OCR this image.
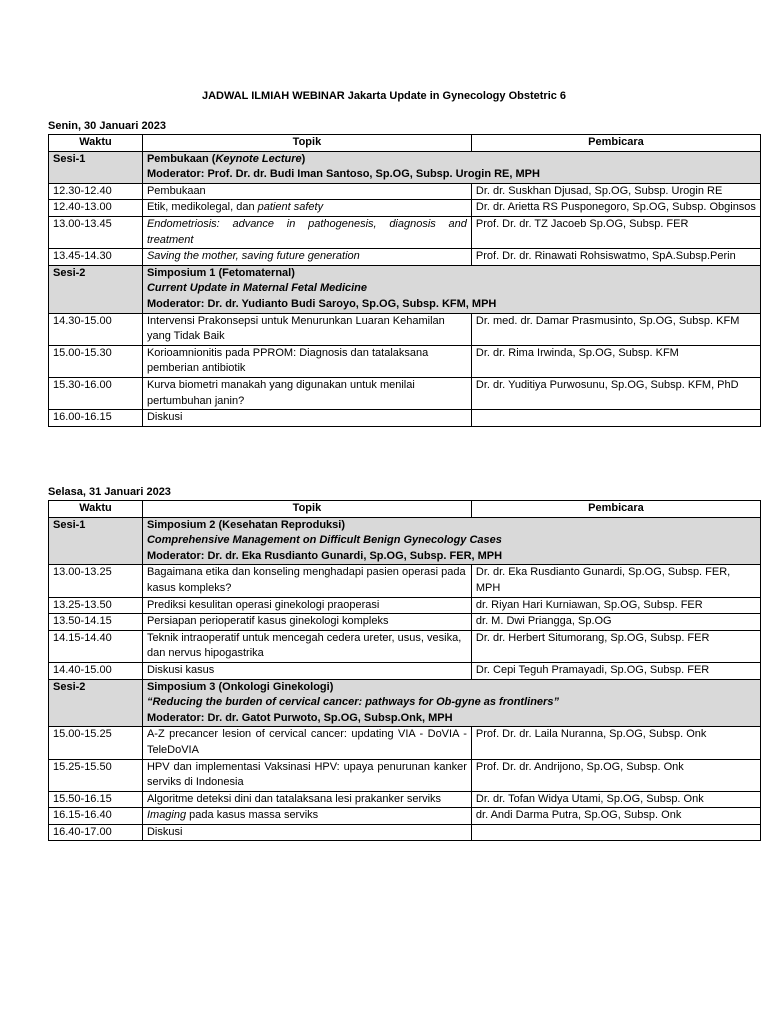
JADWAL ILMIAH WEBINAR Jakarta Update in Gynecology Obstetric 6
Senin, 30 Januari 2023
Waktu	Topik	Pembicara
Sesi-1	Pembukaan (Keynote Lecture)
Moderator: Prof. Dr. dr. Budi Iman Santoso, Sp.OG, Subsp. Urogin RE, MPH	

12.30-12.40	Pembukaan	Dr. dr. Suskhan Djusad, Sp.OG, Subsp. Urogin RE
12.40-13.00	Etik, medikolegal, dan patient safety	Dr. dr. Arietta RS Pusponegoro, Sp.OG, Subsp. Obginsos
13.00-13.45	Endometriosis: advance in pathogenesis, diagnosis and treatment	Prof. Dr. dr. TZ Jacoeb Sp.OG, Subsp. FER
13.45-14.30	Saving the mother, saving future generation	Prof. Dr. dr. Rinawati Rohsiswatmo, SpA.Subsp.Perin
Sesi-2	Simposium 1 (Fetomaternal)
Current Update in Maternal Fetal Medicine
Moderator: Dr. dr. Yudianto Budi Saroyo, Sp.OG, Subsp. KFM, MPH	

14.30-15.00	Intervensi Prakonsepsi untuk Menurunkan Luaran Kehamilan yang Tidak Baik	Dr. med. dr. Damar Prasmusinto, Sp.OG, Subsp. KFM
15.00-15.30	Korioamnionitis pada PPROM: Diagnosis dan tatalaksana pemberian antibiotik	Dr. dr. Rima Irwinda, Sp.OG, Subsp. KFM
15.30-16.00	Kurva biometri manakah yang digunakan untuk menilai pertumbuhan janin?	Dr. dr. Yuditiya Purwosunu, Sp.OG, Subsp. KFM, PhD
16.00-16.15	Diskusi	
Selasa, 31 Januari 2023
Waktu	Topik	Pembicara
Sesi-1	Simposium 2 (Kesehatan Reproduksi)
Comprehensive Management on Difficult Benign Gynecology Cases
Moderator: Dr. dr. Eka Rusdianto Gunardi, Sp.OG, Subsp. FER, MPH	

13.00-13.25	Bagaimana etika dan konseling menghadapi pasien operasi pada kasus kompleks?	Dr. dr. Eka Rusdianto Gunardi, Sp.OG, Subsp. FER, MPH
13.25-13.50	Prediksi kesulitan operasi ginekologi praoperasi	dr. Riyan Hari Kurniawan, Sp.OG, Subsp. FER
13.50-14.15	Persiapan perioperatif kasus ginekologi kompleks	dr. M. Dwi Priangga, Sp.OG
14.15-14.40	Teknik intraoperatif untuk mencegah cedera ureter, usus, vesika, dan nervus hipogastrika	Dr. dr. Herbert Situmorang, Sp.OG, Subsp. FER
14.40-15.00	Diskusi kasus	Dr. Cepi Teguh Pramayadi, Sp.OG, Subsp. FER
Sesi-2	Simposium 3 (Onkologi Ginekologi)
“Reducing the burden of cervical cancer: pathways for Ob-gyne as frontliners”
Moderator: Dr. dr. Gatot Purwoto, Sp.OG, Subsp.Onk, MPH	

15.00-15.25	A-Z precancer lesion of cervical cancer: updating VIA - DoVIA - TeleDoVIA	Prof. Dr. dr. Laila Nuranna, Sp.OG, Subsp. Onk
15.25-15.50	HPV dan implementasi Vaksinasi HPV: upaya penurunan kanker serviks di Indonesia	Prof. Dr. dr. Andrijono, Sp.OG, Subsp. Onk
15.50-16.15	Algoritme deteksi dini dan tatalaksana lesi prakanker serviks	Dr. dr. Tofan Widya Utami, Sp.OG, Subsp. Onk
16.15-16.40	Imaging pada kasus massa serviks	dr. Andi Darma Putra, Sp.OG, Subsp. Onk
16.40-17.00	Diskusi	
